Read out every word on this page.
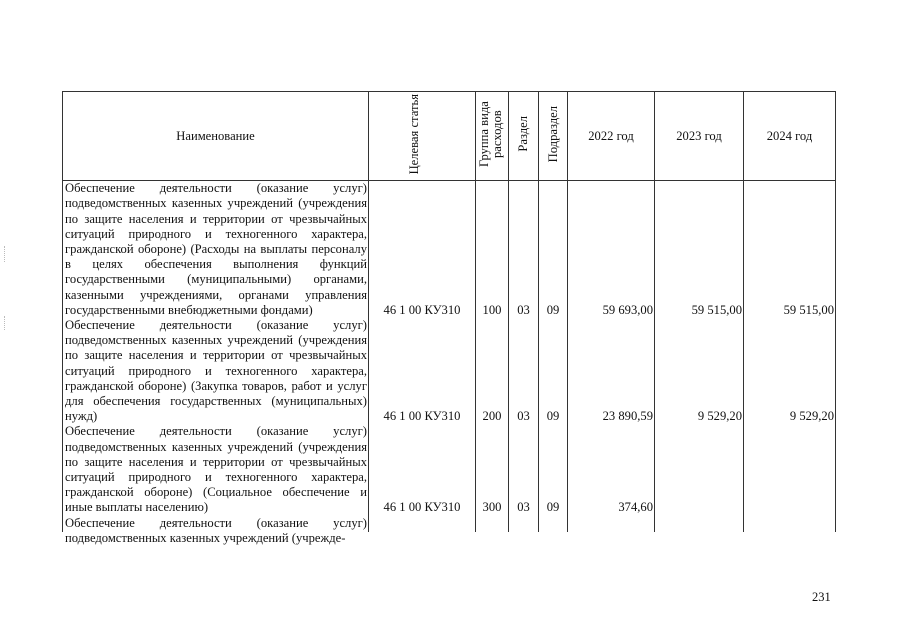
Наименование	Целевая статья	Группа вида расходов	Раздел	Подраздел	2022 год	2023 год	2024 год
Обеспечение деятельности (оказание услуг) подведомственных казенных учреждений (учреждения по защите населения и территории от чрезвычайных ситуаций природного и техногенного характера, гражданской обороне) (Расходы на выплаты персоналу в целях обеспечения выполнения функций государственными (муниципальными) органами, казенными учреждениями, органами управления государственными внебюджетными фондами)	46 1 00 КУ310	100	03	09	59 693,00	59 515,00	59 515,00
Обеспечение деятельности (оказание услуг) подведомственных казенных учреждений (учреждения по защите населения и территории от чрезвычайных ситуаций природного и техногенного характера, гражданской обороне) (Закупка товаров, работ и услуг для обеспечения государственных (муниципальных) нужд)	46 1 00 КУ310	200	03	09	23 890,59	9 529,20	9 529,20
Обеспечение деятельности (оказание услуг) подведомственных казенных учреждений (учреждения по защите населения и территории от чрезвычайных ситуаций природного и техногенного характера, гражданской обороне) (Социальное обеспечение и иные выплаты населению)	46 1 00 КУ310	300	03	09	374,60		

Обеспечение деятельности (оказание услуг) подведомственных казенных учреждений (учрежде-							

231
